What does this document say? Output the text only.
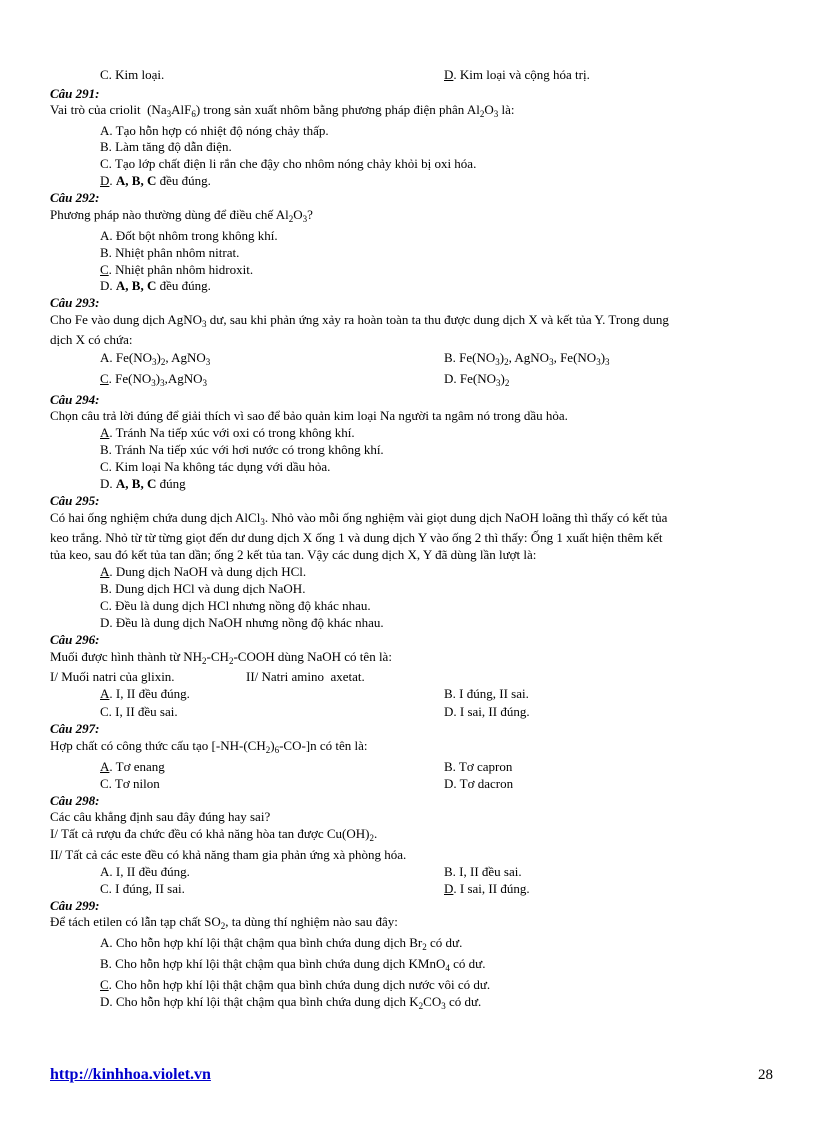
C. Kim loại.	D. Kim loại và cộng hóa trị.
Câu 291:
Vai trò của criolit  $(Na_3AlF_6)$ trong sản xuất nhôm bằng phương pháp điện phân $Al_2O_3$ là:
A. Tạo hỗn hợp có nhiệt độ nóng chảy thấp.
B. Làm tăng độ dẫn điện.
C. Tạo lớp chất điện li rắn che đậy cho nhôm nóng chảy khỏi bị oxi hóa.
D. A, B, C đều đúng.
Câu 292:
Phương pháp nào thường dùng để điều chế $Al_2O_3$?
A. Đốt bột nhôm trong không khí.
B. Nhiệt phân nhôm nitrat.
C. Nhiệt phân nhôm hidroxit.
D. A, B, C đều đúng.
Câu 293:
Cho Fe vào dung dịch AgNO$_3$ dư, sau khi phản ứng xảy ra hoàn toàn ta thu được dung dịch X và kết tủa Y. Trong dung
dịch X có chứa:
A. $Fe(NO_3)_2$, AgNO$_3$	B. $Fe(NO_3)_2$, AgNO$_3$, $Fe(NO_3)_3$
C. $Fe(NO_3)_3,AgNO_3$	D. $Fe(NO_3)_2$
Câu 294:
Chọn câu trả lời đúng để giải thích vì sao để bảo quản kim loại Na người ta ngâm nó trong dầu hỏa.
A. Tránh Na tiếp xúc với oxi có trong không khí.
B. Tránh Na tiếp xúc với hơi nước có trong không khí.
C. Kim loại Na không tác dụng với dầu hỏa.
D. A, B, C đúng
Câu 295:
Có hai ống nghiệm chứa dung dịch AlCl$_3$. Nhỏ vào mỗi ống nghiệm vài giọt dung dịch NaOH loãng thì thấy có kết tủa
keo trắng. Nhỏ từ từ từng giọt đến dư dung dịch X ống 1 và dung dịch Y vào ống 2 thì thấy: Ống 1 xuất hiện thêm kết
tủa keo, sau đó kết tủa tan dần; ống 2 kết tủa tan. Vậy các dung dịch X, Y đã dùng lần lượt là:
A. Dung dịch NaOH và dung dịch HCl.
B. Dung dịch HCl và dung dịch NaOH.
C. Đều là dung dịch HCl nhưng nồng độ khác nhau.
D. Đều là dung dịch NaOH nhưng nồng độ khác nhau.
Câu 296:
Muối được hình thành từ $NH_2-CH_2$-COOH dùng NaOH có tên là:
I/ Muối natri của glixin.	II/ Natri amino  axetat.
A. I, II đều đúng.	B. I đúng, II sai.
C. I, II đều sai.	D. I sai, II đúng.
Câu 297:
Hợp chất có công thức cấu tạo $[-NH-(CH_2)_6-CO-]n$ có tên là:
A. Tơ enang	B. Tơ capron
C. Tơ nilon	D. Tơ dacron
Câu 298:
Các câu khẳng định sau đây đúng hay sai?
I/ Tất cả rượu đa chức đều có khả năng hòa tan được $Cu(OH)_2$.
II/ Tất cả các este đều có khả năng tham gia phản ứng xà phòng hóa.
A. I, II đều đúng.	B. I, II đều sai.
C. I đúng, II sai.	D. I sai, II đúng.
Câu 299:
Để tách etilen có lẫn tạp chất $SO_2$, ta dùng thí nghiệm nào sau đây:
A. Cho hỗn hợp khí lội thật chậm qua bình chứa dung dịch $Br_2$ có dư.
B. Cho hỗn hợp khí lội thật chậm qua bình chứa dung dịch KMnO$_4$ có dư.
C. Cho hỗn hợp khí lội thật chậm qua bình chứa dung dịch nước vôi có dư.
D. Cho hỗn hợp khí lội thật chậm qua bình chứa dung dịch $K_2CO_3$ có dư.
http://kinhhoa.violet.vn	28
